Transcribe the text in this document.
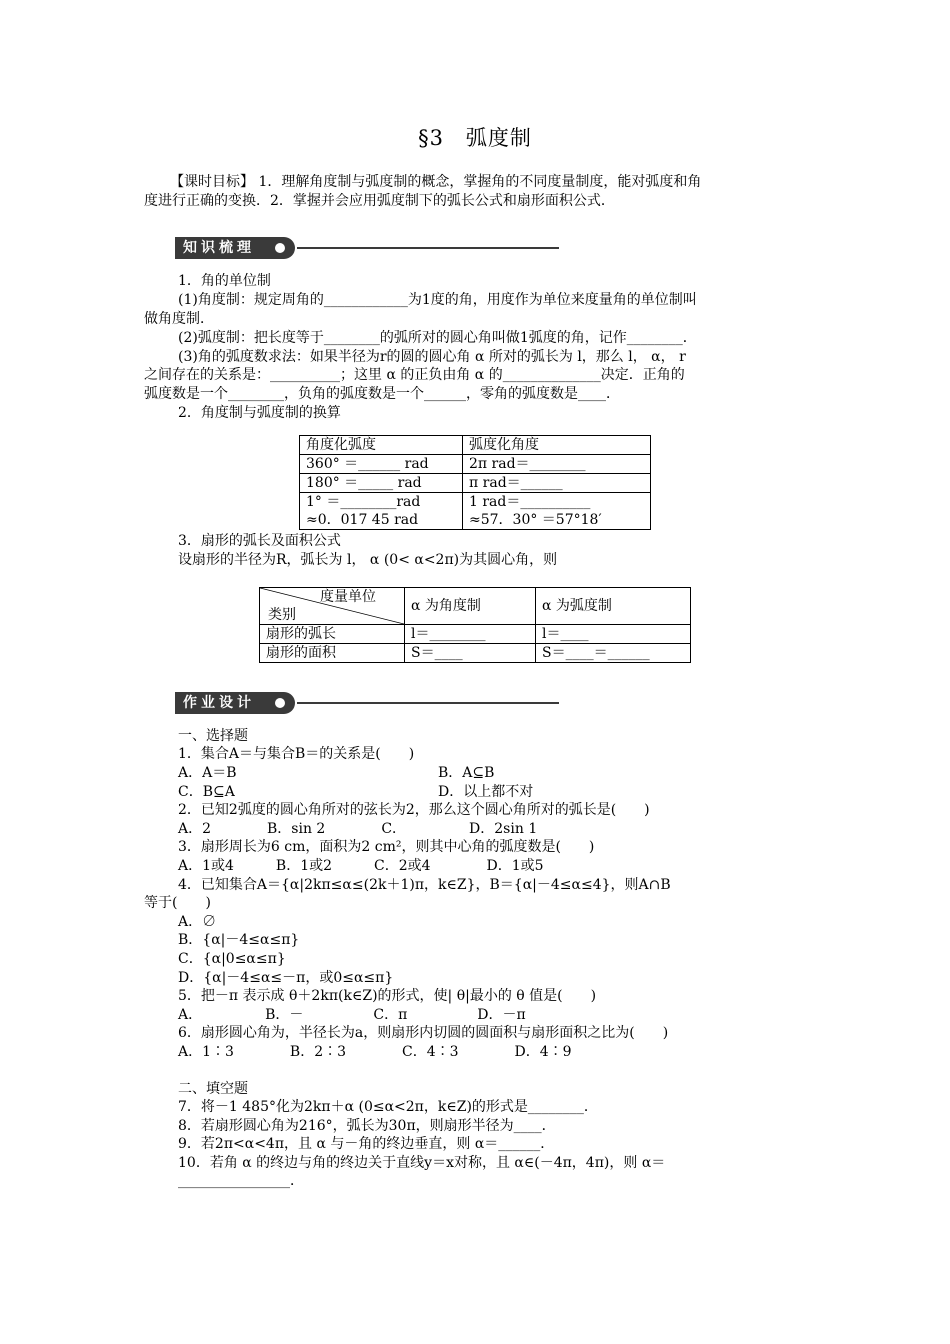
§3　弧度制
【课时目标】 1．理解角度制与弧度制的概念，掌握角的不同度量制度，能对弧度和角
度进行正确的变换．2．掌握并会应用弧度制下的弧长公式和扇形面积公式．
知识梳理
1．角的单位制
(1)角度制：规定周角的____________为1度的角，用度作为单位来度量角的单位制叫
做角度制．
(2)弧度制：把长度等于________的弧所对的圆心角叫做1弧度的角，记作________．
(3)角的弧度数求法：如果半径为r的圆的圆心角 α 所对的弧长为 l，那么 l， α， r
之间存在的关系是：__________；这里 α 的正负由角 α 的______________决定．正角的
弧度数是一个________，负角的弧度数是一个______，零角的弧度数是____．
2．角度制与弧度制的换算
角度化弧度	弧度化角度
360° ＝______ rad	2π rad＝________
180° ＝_____ rad	π rad＝______
1° ＝________rad	1 rad＝__________
≈0．017 45 rad	≈57．30° ＝57°18′
3．扇形的弧长及面积公式
设扇形的半径为R，弧长为 l， α (0< α<2π)为其圆心角，则
度量单位
类别	α 为角度制	α 为弧度制
扇形的弧长	l＝________	l＝____
扇形的面积	S＝____	S＝____＝______
作业设计
一、选择题
1．集合A＝与集合B＝的关系是(　　)
A．A＝B	B．A⊆B
C．B⊆A	D．以上都不对
2．已知2弧度的圆心角所对的弦长为2，那么这个圆心角所对的弧长是(　　)
A．2　　　　B．sin 2　　　　C．　　　　　D．2sin 1
3．扇形周长为6 cm，面积为2 cm²，则其中心角的弧度数是(　　)
A．1或4　　　B．1或2　　　C．2或4　　　　D．1或5
4．已知集合A＝{α|2kπ≤α≤(2k＋1)π，k∈Z}，B＝{α|－4≤α≤4}，则A∩B
等于(　　)
A．∅
B．{α|－4≤α≤π}
C．{α|0≤α≤π}
D．{α|－4≤α≤－π，或0≤α≤π}
5．把－π 表示成 θ＋2kπ(k∈Z)的形式，使| θ|最小的 θ 值是(　　)
A．　　　　　B．－　　　　　C．π　　　　　D．－π
6．扇形圆心角为，半径长为a，则扇形内切圆的圆面积与扇形面积之比为(　　)
A．1∶3　　　　B．2∶3　　　　C．4∶3　　　　D．4∶9
二、填空题
7．将－1 485°化为2kπ＋α (0≤α<2π，k∈Z)的形式是________．
8．若扇形圆心角为216°，弧长为30π，则扇形半径为____．
9．若2π<α<4π，且 α 与－角的终边垂直，则 α＝______．
10．若角 α 的终边与角的终边关于直线y＝x对称，且 α∈(－4π，4π)，则 α＝
________________．
